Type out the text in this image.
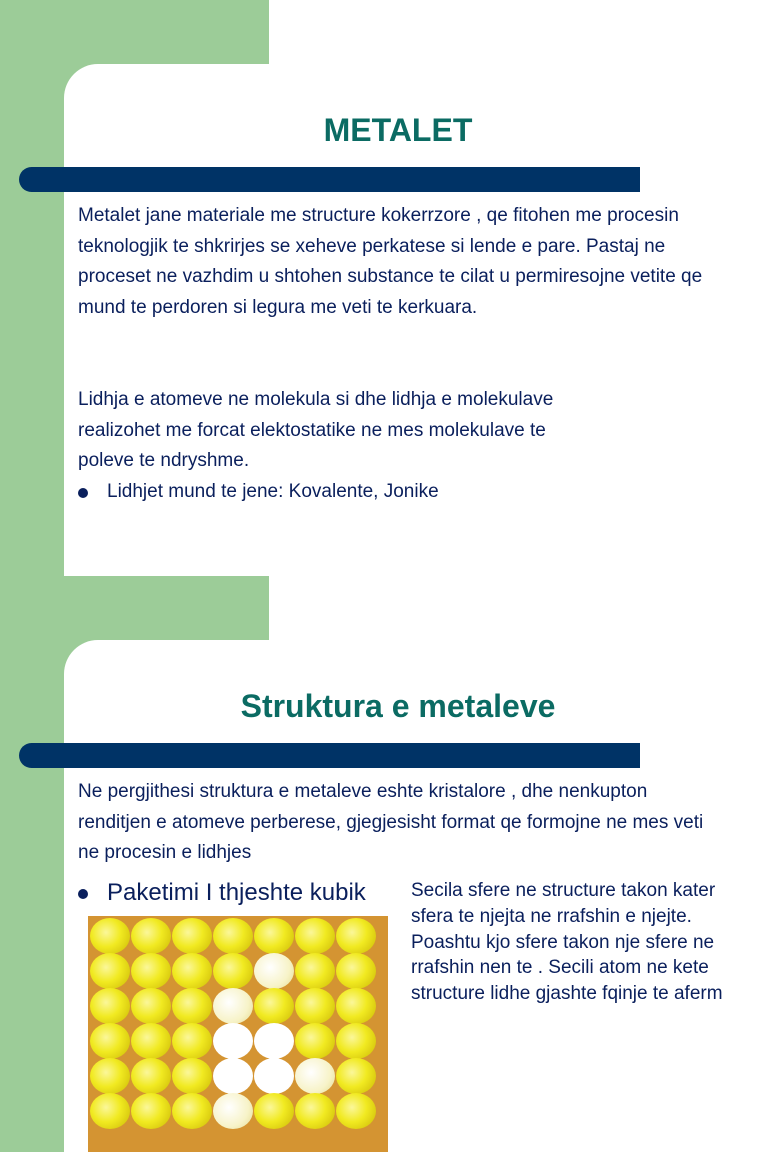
METALET

Metalet jane materiale me structure kokerrzore , qe fitohen me procesin teknologjik te shkrirjes se xeheve perkatese si lende e pare. Pastaj ne proceset ne vazhdim u shtohen substance te cilat u permiresojne vetite qe mund te perdoren si legura me veti te kerkuara.

Lidhja e atomeve ne molekula si dhe lidhja e molekulave realizohet me forcat elektostatike ne mes molekulave te poleve te ndryshme.

Lidhjet mund te jene: Kovalente, Jonike
Struktura e metaleve

Ne pergjithesi struktura e metaleve eshte kristalore , dhe nenkupton renditjen e atomeve perberese, gjegjesisht format qe formojne ne mes veti ne procesin e lidhjes

Paketimi I thjeshte kubik Secila sfere ne structure takon kater sfera te njejta ne rrafshin e njejte. Poashtu kjo sfere takon nje sfere ne rrafshin nen te . Secili atom ne kete structure lidhe gjashte fqinje te aferm
